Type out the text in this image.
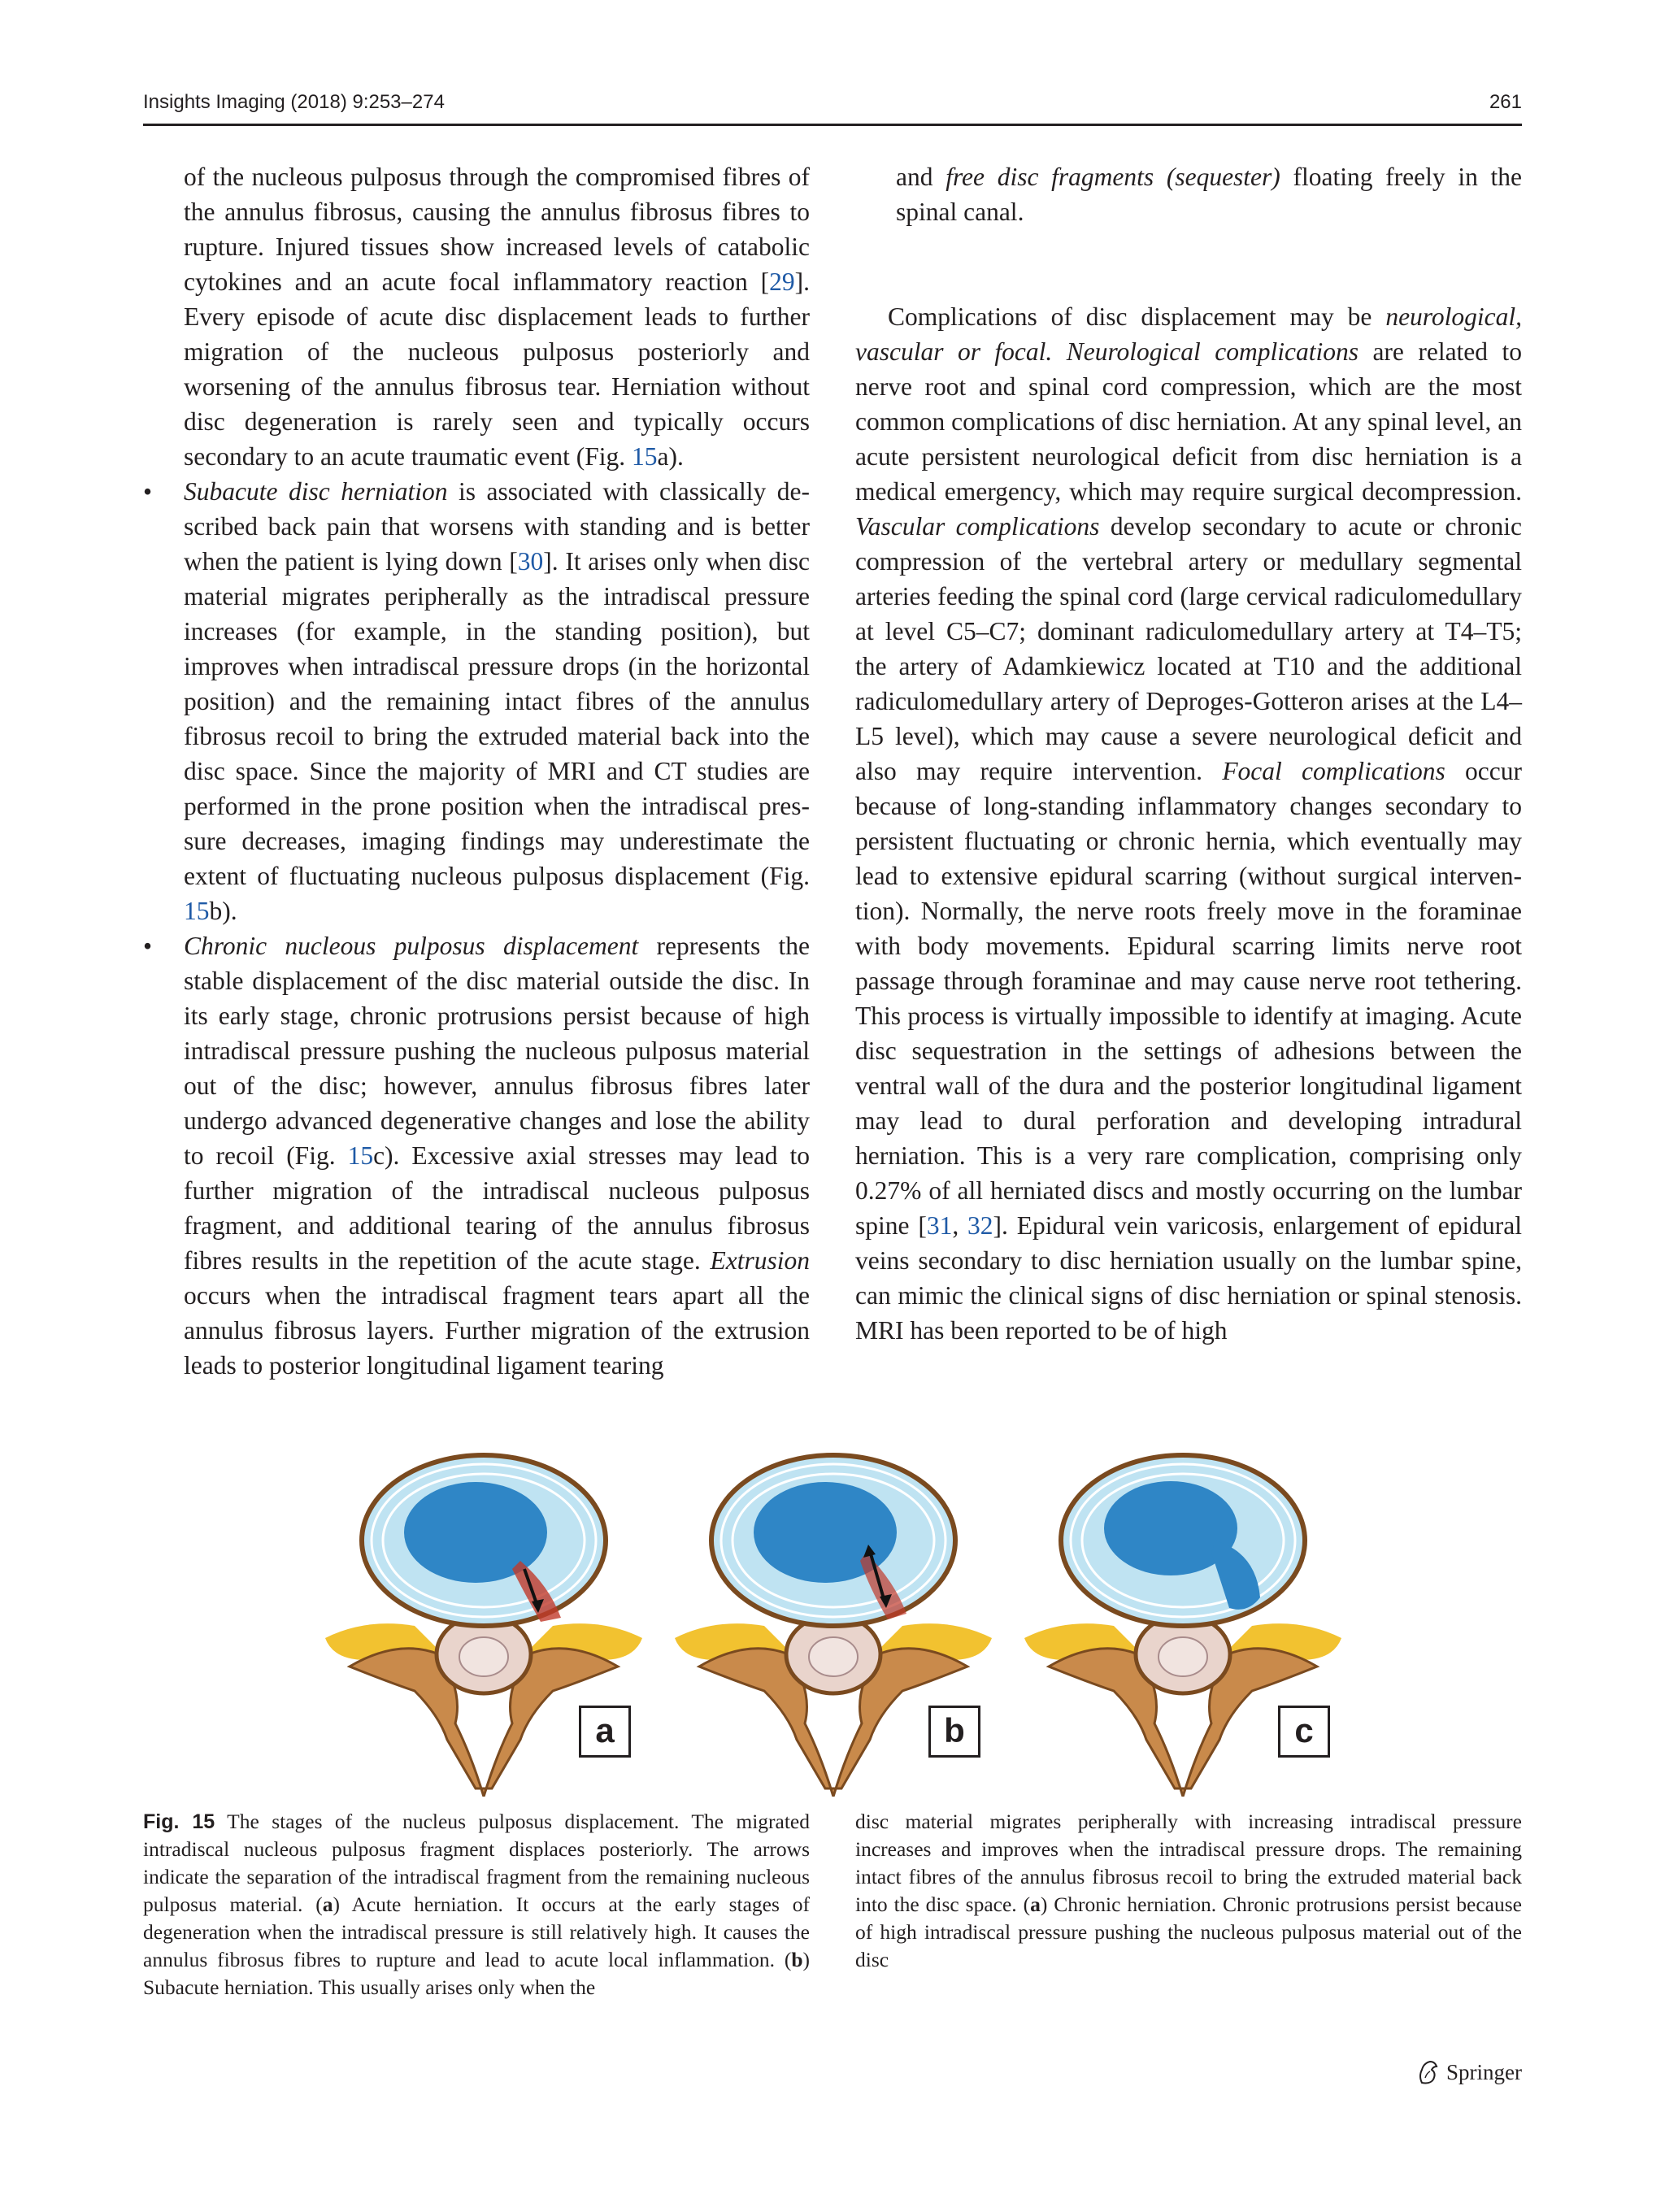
Insights Imaging (2018) 9:253–274	261

of the nucleous pulposus through the compromised fibres of the annulus fibrosus, causing the annulus fibrosus fibres to rupture. Injured tissues show increased levels of catabolic cytokines and an acute focal inflammatory reaction [29]. Every episode of acute disc displacement leads to further migration of the nucleous pulposus posteriorly and worsening of the annulus fibrosus tear. Herniation without disc degeneration is rarely seen and typically occurs secondary to an acute traumatic event (Fig. 15a).

• Subacute disc herniation is associated with classically described back pain that worsens with standing and is better when the patient is lying down [30]. It arises only when disc material migrates peripherally as the intradiscal pressure increases (for example, in the standing position), but improves when intradiscal pressure drops (in the horizontal position) and the remaining intact fibres of the annulus fibrosus recoil to bring the extruded material back into the disc space. Since the majority of MRI and CT studies are performed in the prone position when the intradiscal pressure decreases, imaging findings may underestimate the extent of fluctuating nucleous pulposus displacement (Fig. 15b).

• Chronic nucleous pulposus displacement represents the stable displacement of the disc material outside the disc. In its early stage, chronic protrusions persist because of high intradiscal pressure pushing the nucleous pulposus material out of the disc; however, annulus fibrosus fibres later undergo advanced degenerative changes and lose the ability to recoil (Fig. 15c). Excessive axial stresses may lead to further migration of the intradiscal nucleous pulposus fragment, and additional tearing of the annulus fibrosus fibres results in the repetition of the acute stage. Extrusion occurs when the intradiscal fragment tears apart all the annulus fibrosus layers. Further migration of the extrusion leads to posterior longitudinal ligament tearing

and free disc fragments (sequester) floating freely in the spinal canal.

Complications of disc displacement may be neurological, vascular or focal. Neurological complications are related to nerve root and spinal cord compression, which are the most common complications of disc herniation. At any spinal level, an acute persistent neurological deficit from disc herniation is a medical emergency, which may require surgical decompression. Vascular complications develop secondary to acute or chronic compression of the vertebral artery or medullary segmental arteries feeding the spinal cord (large cervical radiculomedullary at level C5–C7; dominant radiculomedullary artery at T4–T5; the artery of Adamkiewicz located at T10 and the additional radiculomedullary artery of Deproges-Gotteron arises at the L4–L5 level), which may cause a severe neurological deficit and also may require intervention. Focal complications occur because of long-standing inflammatory changes secondary to persistent fluctuating or chronic hernia, which eventually may lead to extensive epidural scarring (without surgical intervention). Normally, the nerve roots freely move in the foraminae with body movements. Epidural scarring limits nerve root passage through foraminae and may cause nerve root tethering. This process is virtually impossible to identify at imaging. Acute disc sequestration in the settings of adhesions between the ventral wall of the dura and the posterior longitudinal ligament may lead to dural perforation and developing intradural herniation. This is a very rare complication, comprising only 0.27% of all herniated discs and mostly occurring on the lumbar spine [31, 32]. Epidural vein varicosis, enlargement of epidural veins secondary to disc herniation usually on the lumbar spine, can mimic the clinical signs of disc herniation or spinal stenosis. MRI has been reported to be of high

a	b	c
Fig. 15 The stages of the nucleus pulposus displacement. The migrated intradiscal nucleous pulposus fragment displaces posteriorly. The arrows indicate the separation of the intradiscal fragment from the remaining nucleous pulposus material. (a) Acute herniation. It occurs at the early stages of degeneration when the intradiscal pressure is still relatively high. It causes the annulus fibrosus fibres to rupture and lead to acute local inflammation. (b) Subacute herniation. This usually arises only when the
disc material migrates peripherally with increasing intradiscal pressure increases and improves when the intradiscal pressure drops. The remaining intact fibres of the annulus fibrosus recoil to bring the extruded material back into the disc space. (a) Chronic herniation. Chronic protrusions persist because of high intradiscal pressure pushing the nucleous pulposus material out of the disc
Springer
